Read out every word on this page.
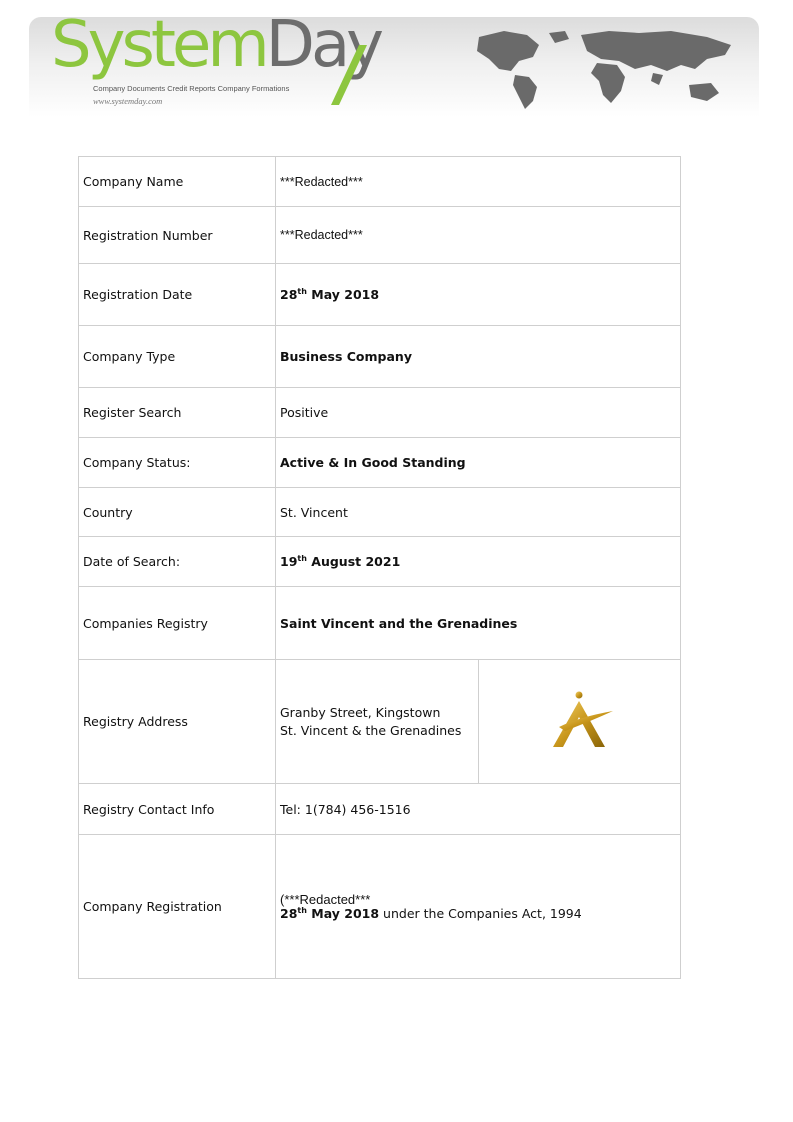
SystemDay
Company Documents Credit Reports Company Formations
www.systemday.com
Company Name	***Redacted***	
Registration Number	***Redacted***	
Registration Date	28th May 2018	
Company Type	Business Company	
Register Search	Positive	
Company Status:	Active & In Good Standing	
Country	St. Vincent	
Date of Search:	19th August 2021	
Companies Registry	Saint Vincent and the Grenadines	
Registry Address	Granby Street, Kingstown
St. Vincent & the Grenadines

Registry Contact Info	Tel: 1(784) 456-1516	
Company Registration	(***Redacted***
28th May 2018 under the Companies Act, 1994	
